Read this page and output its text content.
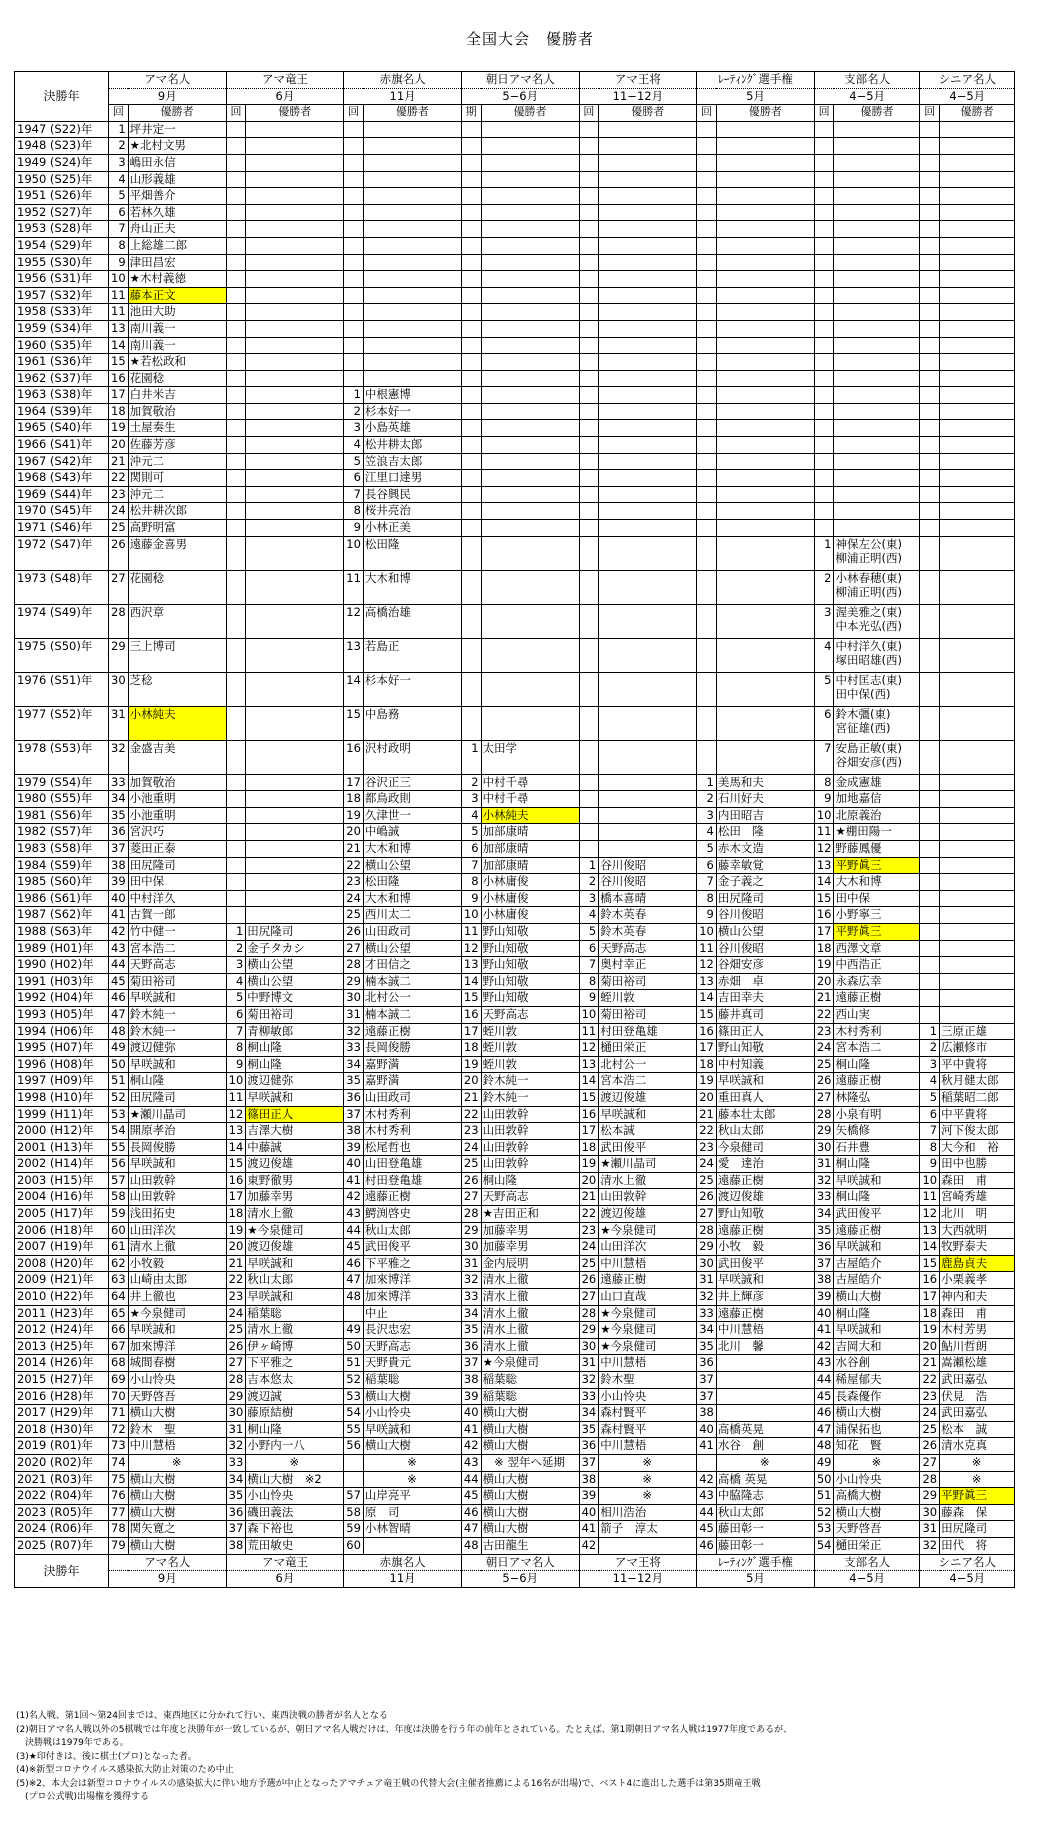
全国大会　優勝者
決勝年	アマ名人		アマ竜王		赤旗名人		朝日アマ名人		アマ王将		ﾚｰﾃｨﾝｸﾞ選手権		支部名人		シニア名人	
	9月		6月		11月		5−6月		11−12月		5月		4−5月		4−5月	
	回	優勝者	回	優勝者	回	優勝者	期	優勝者	回	優勝者	回	優勝者	回	優勝者	回	優勝者
1947 (S22)年	1	坪井定一														
1948 (S23)年	2	★北村文男														
1949 (S24)年	3	嶋田永信														
1950 (S25)年	4	山形義雄														
1951 (S26)年	5	平畑善介														
1952 (S27)年	6	若林久雄														
1953 (S28)年	7	舟山正夫														
1954 (S29)年	8	上総雄二郎														
1955 (S30)年	9	津田昌宏														
1956 (S31)年	10	★木村義徳														
1957 (S32)年	11	藤本正文														
1958 (S33)年	11	池田大助														
1959 (S34)年	13	南川義一														
1960 (S35)年	14	南川義一														
1961 (S36)年	15	★若松政和														
1962 (S37)年	16	花園稔														
1963 (S38)年	17	白井米吉			1	中根憲博										
1964 (S39)年	18	加賀敬治			2	杉本好一										
1965 (S40)年	19	土屋奏生			3	小島英雄										
1966 (S41)年	20	佐藤芳彦			4	松井耕太郎										
1967 (S42)年	21	沖元二			5	笠浪吉太郎										
1968 (S43)年	22	関則可			6	江里口達男										
1969 (S44)年	23	沖元二			7	長谷興民										
1970 (S45)年	24	松井耕次郎			8	桜井亮治										
1971 (S46)年	25	高野明富			9	小林正美										
1972 (S47)年	26	遠藤金喜男			10	松田隆							1	神保左公(東)
柳浦正明(西)		
1973 (S48)年	27	花園稔			11	大木和博							2	小林春穂(東)
柳浦正明(西)		
1974 (S49)年	28	西沢章			12	高橋治雄							3	渥美雅之(東)
中本光弘(西)		
1975 (S50)年	29	三上博司			13	若島正							4	中村洋久(東)
塚田昭雄(西)		
1976 (S51)年	30	芝稔			14	杉本好一							5	中村匡志(東)
田中保(西)		
1977 (S52)年	31	小林純夫			15	中島務							6	鈴木彊(東)
宮征雄(西)		
1978 (S53)年	32	金盛吉美			16	沢村政明	1	太田学					7	安島正敏(東)
谷畑安彦(西)		
1979 (S54)年	33	加賀敬治			17	谷沢正三	2	中村千尋			1	美馬和夫	8	金成憲雄		
1980 (S55)年	34	小池重明			18	都鳥政則	3	中村千尋			2	石川好夫	9	加地嘉信		
1981 (S56)年	35	小池重明			19	久津世一	4	小林純夫			3	内田昭吉	10	北原義治		
1982 (S57)年	36	宮沢巧			20	中嶋誠	5	加部康晴			4	松田　隆	11	★棚田陽一		
1983 (S58)年	37	菱田正泰			21	大木和博	6	加部康晴			5	赤木文造	12	野藤鳳優		
1984 (S59)年	38	田尻隆司			22	横山公望	7	加部康晴	1	谷川俊昭	6	藤幸敏覚	13	平野眞三		
1985 (S60)年	39	田中保			23	松田隆	8	小林庸俊	2	谷川俊昭	7	金子義之	14	大木和博		
1986 (S61)年	40	中村洋久			24	大木和博	9	小林庸俊	3	橋本喜晴	8	田尻隆司	15	田中保		
1987 (S62)年	41	古賀一郎			25	西川太二	10	小林庸俊	4	鈴木英春	9	谷川俊昭	16	小野寧三		
1988 (S63)年	42	竹中健一	1	田尻隆司	26	山田政司	11	野山知敬	5	鈴木英春	10	横山公望	17	平野眞三		
1989 (H01)年	43	宮本浩二	2	金子タカシ	27	横山公望	12	野山知敬	6	天野高志	11	谷川俊昭	18	西澤文章		
1990 (H02)年	44	天野高志	3	横山公望	28	才田信之	13	野山知敬	7	奥村幸正	12	谷畑安彦	19	中西浩正		
1991 (H03)年	45	菊田裕司	4	横山公望	29	楠本誠二	14	野山知敬	8	菊田裕司	13	赤畑　卓	20	永森広幸		
1992 (H04)年	46	早咲誠和	5	中野博文	30	北村公一	15	野山知敬	9	蛭川敦	14	吉田幸夫	21	遠藤正樹		
1993 (H05)年	47	鈴木純一	6	菊田裕司	31	楠本誠二	16	天野高志	10	菊田裕司	15	藤井真司	22	西山実		
1994 (H06)年	48	鈴木純一	7	青柳敏郎	32	遠藤正樹	17	蛭川敦	11	村田登亀雄	16	篠田正人	23	木村秀利	1	三原正雄
1995 (H07)年	49	渡辺健弥	8	桐山隆	33	長岡俊勝	18	蛭川敦	12	樋田栄正	17	野山知敬	24	宮本浩二	2	広瀬修市
1996 (H08)年	50	早咲誠和	9	桐山隆	34	嘉野満	19	蛭川敦	13	北村公一	18	中村知義	25	桐山隆	3	平中貴将
1997 (H09)年	51	桐山隆	10	渡辺健弥	35	嘉野満	20	鈴木純一	14	宮本浩二	19	早咲誠和	26	遠藤正樹	4	秋月健太郎
1998 (H10)年	52	田尻隆司	11	早咲誠和	36	山田政司	21	鈴木純一	15	渡辺俊雄	20	重田真人	27	林隆弘	5	稲葉昭二郎
1999 (H11)年	53	★瀬川晶司	12	篠田正人	37	木村秀利	22	山田敦幹	16	早咲誠和	21	藤本壮太郎	28	小泉有明	6	中平貴将
2000 (H12)年	54	開原孝治	13	吉澤大樹	38	木村秀利	23	山田敦幹	17	松本誠	22	秋山太郎	29	矢橋修	7	河下俊太郎
2001 (H13)年	55	長岡俊勝	14	中藤誠	39	松尾哲也	24	山田敦幹	18	武田俊平	23	今泉健司	30	石井豊	8	大今和　裕
2002 (H14)年	56	早咲誠和	15	渡辺俊雄	40	山田登亀雄	25	山田敦幹	19	★瀬川晶司	24	愛　達治	31	桐山隆	9	田中也勝
2003 (H15)年	57	山田敦幹	16	東野徹男	41	村田登亀雄	26	桐山隆	20	清水上徹	25	遠藤正樹	32	早咲誠和	10	森田　甫
2004 (H16)年	58	山田敦幹	17	加藤幸男	42	遠藤正樹	27	天野高志	21	山田敦幹	26	渡辺俊雄	33	桐山隆	11	宮崎秀雄
2005 (H17)年	59	浅田拓史	18	清水上徹	43	鰐渕啓史	28	★吉田正和	22	渡辺俊雄	27	野山知敬	34	武田俊平	12	北川　明
2006 (H18)年	60	山田洋次	19	★今泉健司	44	秋山太郎	29	加藤幸男	23	★今泉健司	28	遠藤正樹	35	遠藤正樹	13	大西就明
2007 (H19)年	61	清水上徹	20	渡辺俊雄	45	武田俊平	30	加藤幸男	24	山田洋次	29	小牧　毅	36	早咲誠和	14	牧野泰夫
2008 (H20)年	62	小牧毅	21	早咲誠和	46	下平雅之	31	金内辰明	25	中川慧梧	30	武田俊平	37	古屋皓介	15	鹿島貞夫
2009 (H21)年	63	山崎由太郎	22	秋山太郎	47	加來博洋	32	清水上徹	26	遠藤正樹	31	早咲誠和	38	古屋皓介	16	小栗義孝
2010 (H22)年	64	井上徹也	23	早咲誠和	48	加來博洋	33	清水上徹	27	山口直哉	32	井上輝彦	39	横山大樹	17	神内和夫
2011 (H23)年	65	★今泉健司	24	稲葉聡		中止	34	清水上徹	28	★今泉健司	33	遠藤正樹	40	桐山隆	18	森田　甫
2012 (H24)年	66	早咲誠和	25	清水上徹	49	長沢忠宏	35	清水上徹	29	★今泉健司	34	中川慧梧	41	早咲誠和	19	木村芳男
2013 (H25)年	67	加來博洋	26	伊ヶ崎博	50	天野高志	36	清水上徹	30	★今泉健司	35	北川　馨	42	吉岡大和	20	鮎川哲朗
2014 (H26)年	68	城間春樹	27	下平雅之	51	天野貴元	37	★今泉健司	31	中川慧梧	36		43	水谷創	21	嵩瀬松雄
2015 (H27)年	69	小山怜央	28	吉本悠太	52	稲葉聡	38	稲葉聡	32	鈴木聖	37		44	稀屋郁夫	22	武田嘉弘
2016 (H28)年	70	天野啓吾	29	渡辺誠	53	横山大樹	39	稲葉聡	33	小山怜央	37		45	長森優作	23	伏見　浩
2017 (H29)年	71	横山大樹	30	藤原結樹	54	小山怜央	40	横山大樹	34	森村賢平	38		46	横山大樹	24	武田嘉弘
2018 (H30)年	72	鈴木　聖	31	桐山隆	55	早咲誠和	41	横山大樹	35	森村賢平	40	高橋英晃	47	浦保拓也	25	松本　誠
2019 (R01)年	73	中川慧梧	32	小野内一八	56	横山大樹	42	横山大樹	36	中川慧梧	41	水谷　創	48	知花　賢	26	清水克真
2020 (R02)年	74	※	33	※		※	43	※ 翌年へ延期	37	※		※	49	※	27	※
2021 (R03)年	75	横山大樹	34	横山大樹　※2		※	44	横山大樹	38	※	42	高橋 英晃	50	小山怜央	28	※
2022 (R04)年	76	横山大樹	35	小山怜央	57	山岸亮平	45	横山大樹	39	※	43	中脇隆志	51	高橋大樹	29	平野眞三
2023 (R05)年	77	横山大樹	36	磯田義法	58	原　司	46	横山大樹	40	相川浩治	44	秋山太郎	52	横山大樹	30	藤森　保
2024 (R06)年	78	関矢寛之	37	森下裕也	59	小林智晴	47	横山大樹	41	箭子　淳太	45	藤田彰一	53	天野啓吾	31	田尻隆司
2025 (R07)年	79	横山大樹	38	荒田敏史	60		48	古田龍生	42		46	藤田彰一	54	樋田栄正	32	田代　将
決勝年	アマ名人		アマ竜王		赤旗名人		朝日アマ名人		アマ王将		ﾚｰﾃｨﾝｸﾞ選手権		支部名人		シニア名人	
	9月		6月		11月		5−6月		11−12月		5月		4−5月		4−5月	
(1)名人戦、第1回〜第24回までは、東西地区に分かれて行い、東西決戦の勝者が名人となる
(2)朝日アマ名人戦以外の5棋戦では年度と決勝年が一致しているが、朝日アマ名人戦だけは、年度は決勝を行う年の前年とされている。たとえば、第1期朝日アマ名人戦は1977年度であるが、
　決勝戦は1979年である。
(3)★印付きは、後に棋士(プロ)となった者。
(4)※新型コロナウイルス感染拡大防止対策のため中止
(5)※2、本大会は新型コロナウイルスの感染拡大に伴い地方予選が中止となったアマチュア竜王戦の代替大会(主催者推薦による16名が出場)で、ベスト4に進出した選手は第35期竜王戦
　(プロ公式戦)出場権を獲得する
